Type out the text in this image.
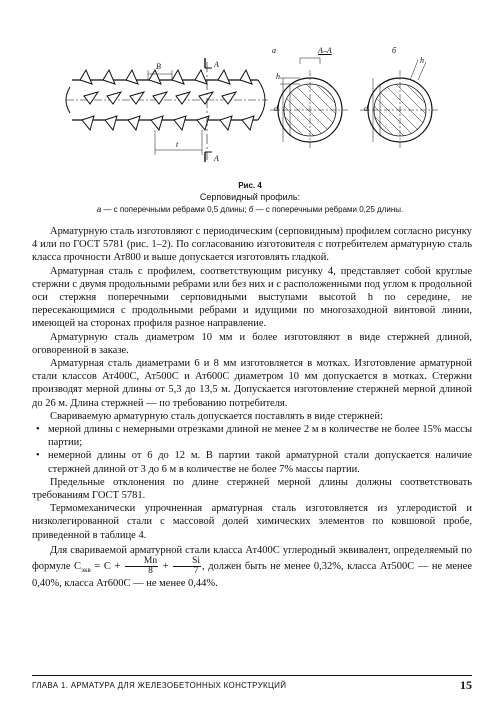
а	А–А	б
B	A
A
t
h
d
h
d
Рис. 4
Серповидный профиль:
а — с поперечными ребрами 0,5 длины; б — с поперечными ребрами 0,25 длины.

Арматурную сталь изготовляют с периодическим (серповидным) профилем согласно рисунку 4 или по ГОСТ 5781 (рис. 1–2). По согласованию изготовителя с потребителем арматурную сталь класса прочности Ат800 и выше допускается изготовлять гладкой.

Арматурная сталь с профилем, соответствующим рисунку 4, представляет собой круглые стержни с двумя продольными ребрами или без них и с расположенными под углом к продольной оси стержня поперечными серповидными выступами высотой h по середине, не пересекающимися с продольными ребрами и идущими по многозаходной винтовой линии, имеющей на сторонах профиля разное направление.

Арматурную сталь диаметром 10 мм и более изготовляют в виде стержней длиной, оговоренной в заказе.

Арматурная сталь диаметрами 6 и 8 мм изготовляется в мотках. Изготовление арматурной стали классов Ат400С, Ат500С и Ат600С диаметром 10 мм допускается в мотках. Стержни производят мерной длины от 5,3 до 13,5 м. Допускается изготовление стержней мерной длиной до 26 м. Длина стержней — по требованию потребителя.

Свариваемую арматурную сталь допускается поставлять в виде стержней:

• мерной длины с немерными отрезками длиной не менее 2 м в количестве не более 15% массы партии;
• немерной длины от 6 до 12 м. В партии такой арматурной стали допускается наличие стержней длиной от 3 до 6 м в количестве не более 7% массы партии.

Предельные отклонения по длине стержней мерной длины должны соответствовать требованиям ГОСТ 5781.

Термомеханически упрочненная арматурная сталь изготовляется из углеродистой и низколегированной стали с массовой долей химических элементов по ковшовой пробе, приведенной в таблице 4.

Для свариваемой арматурной стали класса Ат400С углеродный эквивалент, определяемый по формуле $C_{экв} = C + \frac{Mn}{8} + \frac{Si}{7}$ , должен быть не менее 0,32%, класса Ат500С — не менее 0,40%, класса Ат600С — не менее 0,44%.

ГЛАВА 1. АРМАТУРА ДЛЯ ЖЕЛЕЗОБЕТОННЫХ КОНСТРУКЦИЙ	15
